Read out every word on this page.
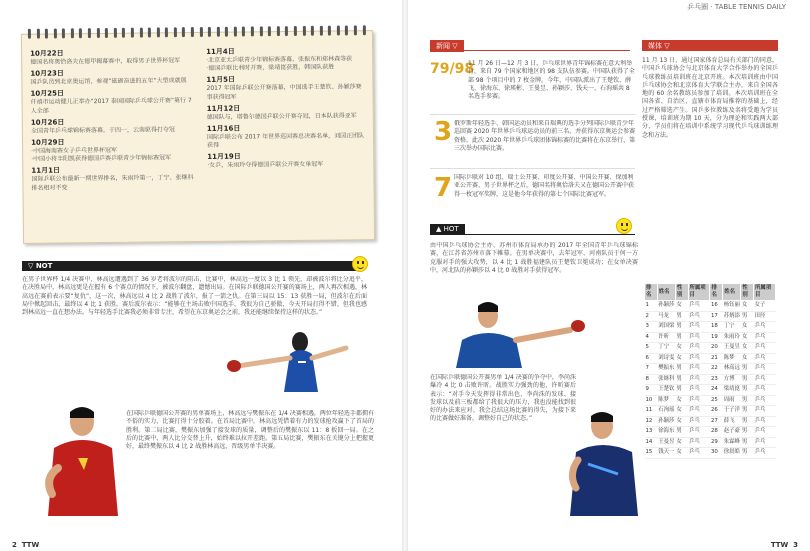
10月22日
德国名将奥恰洛夫在德甲揭幕赛中，取得男子世界杯冠军
10月23日
国乒队员到北京奥运馆，参观“砥砺奋进的五年”大型成就展
10月25日
仟禧市运动健儿正举办“2017 泰国国际乒乓球公开赛”第行 7 人全部
10月26日
全国青年乒乓球锦标赛落幕，于四一，云南驱得打夺冠
10月29日
·中国海南赛女子乒乓世界杯冠军
·中国小将丰阳凯获得德国乒赛乒联青少年锦标赛冠军
11月1日
国际乒联公布最新一期世界排名，朱雨玲第一，丁宁、张继科排名相对不变
11月4日
·北京亚太乒联青少年锦标赛落幕，张振东和郑林森等获
·德国乒联比利时开赛，梁靖崑获胜，韩国队获胜
11月5日
2017 年国际乒联公开赛落幕，中国选手王楚钦、孙颖莎赛事获得冠军
11月12日
德国队与，塔鲁尔德国乒联公开赛夺冠，日本队获得亚军
11月16日
国际乒联公布 2017 年世界巡回赛总决赛名单，刘国正团队获得
11月19日
·女乒，朱雨玲夺得德国乒联公开赛女单冠军
▽ NOT
在男子世界杯 1/4 决赛中，林高远遭遇到了 36 岁老将波尔的阻击，比赛中，林高远一度以 3 比 1 领先，却被波尔将比分追平，在决胜局中，林高远更是在握有 6 个赛点的情况下，被波尔翻盘，遗憾出局。在国际乒联德国公开赛的赛场上，两人再次相遇，林高远在赛前表示要“复仇”，这一次，林高远以 4 比 2 战胜了波尔，报了一箭之仇。在第三局以 15：13 获胜一局，但波尔在后面局中掀起回击，最终以 4 比 1 获胜。赛后波尔表示：“能够在主场击败中国选手，我很为自己骄傲，今天开局打得不错，但我也感到林高远一直在想办法。与年轻选手比赛我必须非常专注，希望在东京奥运会之前，我还能继续保持这样的状态。”
在国际乒联德国公开赛的男单赛场上，林高远与樊振东在 1/4 决赛相遇，两位年轻选手都拥有不俗的实力，比赛打得十分胶着。在首局比赛中，林高远凭借着有力的发球抢攻赢下了首局的胜利。第二局比赛，樊振东加强了接发球的质量，调整后的樊振东以 11：8 扳回一局。在之后的比赛中，两人比分交替上升，始终难以拉开差距。第五局比赛，樊振东在关键分上把握更好，最终樊振东以 4 比 2 战胜林高远，晋级男单半决赛。
2 TTW
乒乓圈 · TABLE TENNIS DAILY
新闻 ▽
79/98
11 月 26 日—12 月 3 日，乒乓球世界青年锦标赛在意大利举行，来自 79 个国家和地区的 98 支队伍参赛。中国队获得了全部 98 个项目中的 7 枚金牌。今年，中国队派出了王楚钦、薛飞、徐海东、徐瑛彬、王曼昱、孙颖莎、钱天一、石洵瑶共 8 名选手参赛。
3 俄罗斯年轻选手、韩国运动员和来自瑞典的选手分列国际乒联青少年巡回赛 2020 年世界乒乓球运动员的前三名，并获得东京奥运会参赛资格。此次 2020 年世界乒乓球团体锦标赛的比赛将在东京举行，第三次举办国际比赛。
7 国际乒联对 10 组、瑞士公开赛、印度公开赛、中国公开赛、保加利亚公开赛、男子世界杯之后，德国名将奥恰洛夫又在德国公开赛中获得一枚冠军奖牌，这是他今年获得的第七个国际比赛冠军。
▲ HOT
由中国乒乓球协会主办、苏州市体育局承办的 2017 年全国青年乒乓球锦标赛，在江苏省苏州市落下帷幕。在男单决赛中，去年冠军、河南队员于何一方克服对手的强大攻势，以 4 比 1 战胜福建队员王楚钦卫冕成功；在女单决赛中，河北队的孙颖莎以 4 比 0 战胜对手获得冠军。
在国际乒联德国公开赛男单 1/4 决赛的争夺中，李尚洙爆冷 4 比 0 击败许昕。战胜实力强劲的他，许昕赛后表示：“对手今天发挥得非常出色，李尚洙的发球、接发球以及前三板都给了我很大的压力，我也没能找到很好的办法来应对。我会总结这场比赛的得失，为接下来的比赛做好准备，调整好自己的状态。”
媒体 ▽
11 月 13 日，通过国家体育总局有关部门的同意，中国乒乓球协会与北京体育大学合作举办的全国乒乓球教练员培训班在北京开班。本次培训班由中国乒乓球协会和北京体育大学联合主办，来自全国各地的 60 余名教练员参加了培训。本次培训班在全国各省、自治区、直辖市体育局推荐的基础上，经过严格筛选产生。国乒多位教练及名将受邀为学员授课，培训班为期 10 天，分为理论和实践两大部分，学员们将在培训中系统学习现代乒乓球训练理念和方法。
排名	姓名	性别	所属项目	排名	姓名	性别	所属项目
1	孙颖莎	女	乒乓	16	杨钰丽	女	女子
2	马龙	男	乒乓	17	苏炳添	男	田径
3	刘国梁	男	乒乓	18	丁宁	女	乒乓
4	许昕	男	乒乓	19	朱雨玲	女	乒乓
5	丁宁	女	乒乓	20	王曼昱	女	乒乓
6	刘诗雯	女	乒乓	21	陈梦	女	乒乓
7	樊振东	男	乒乓	22	林高远	男	乒乓
8	张继科	男	乒乓	23	方博	男	乒乓
9	王楚钦	男	乒乓	24	梁靖崑	男	乒乓
10	陈梦	女	乒乓	25	周雨	男	乒乓
11	石洵瑶	女	乒乓	26	于子洋	男	乒乓
12	孙颖莎	女	乒乓	27	薛飞	男	乒乓
13	徐海东	男	乒乓	28	赵子豪	男	乒乓
14	王曼昱	女	乒乓	29	朱霖峰	男	乒乓
15	钱天一	女	乒乓	30	徐晨皓	男	乒乓
TTW 3
